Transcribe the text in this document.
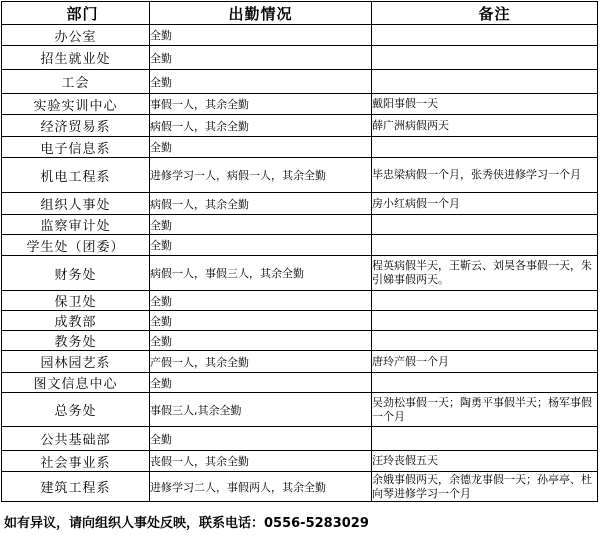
部门	出勤情况	备注
办公室	全勤	
招生就业处	全勤	
工会	全勤	
实验实训中心	事假一人，其余全勤	戴阳事假一天
经济贸易系	病假一人，其余全勤	薛广洲病假两天
电子信息系	全勤	
机电工程系	进修学习一人，病假一人，其余全勤	毕忠梁病假一个月，张秀侠进修学习一个月
组织人事处	病假一人，其余全勤	房小红病假一个月
监察审计处	全勤	
学生处（团委）	全勤	
财务处	病假一人，事假三人，其余全勤	程英病假半天，王靳云、刘昊各事假一天，朱引娣事假两天。
保卫处	全勤	
成教部	全勤	
教务处	全勤	
园林园艺系	产假一人，其余全勤	唐玲产假一个月
图文信息中心	全勤	
总务处	事假三人,其余全勤	吴劲松事假一天；陶勇平事假半天；杨军事假一个月
公共基础部	全勤	
社会事业系	丧假一人，其余全勤	汪玲丧假五天
建筑工程系	进修学习二人，事假两人，其余全勤	余娥事假两天，余德龙事假一天；孙亭亭、杜向琴进修学习一个月
如有异议，请向组织人事处反映，联系电话：0556-5283029
